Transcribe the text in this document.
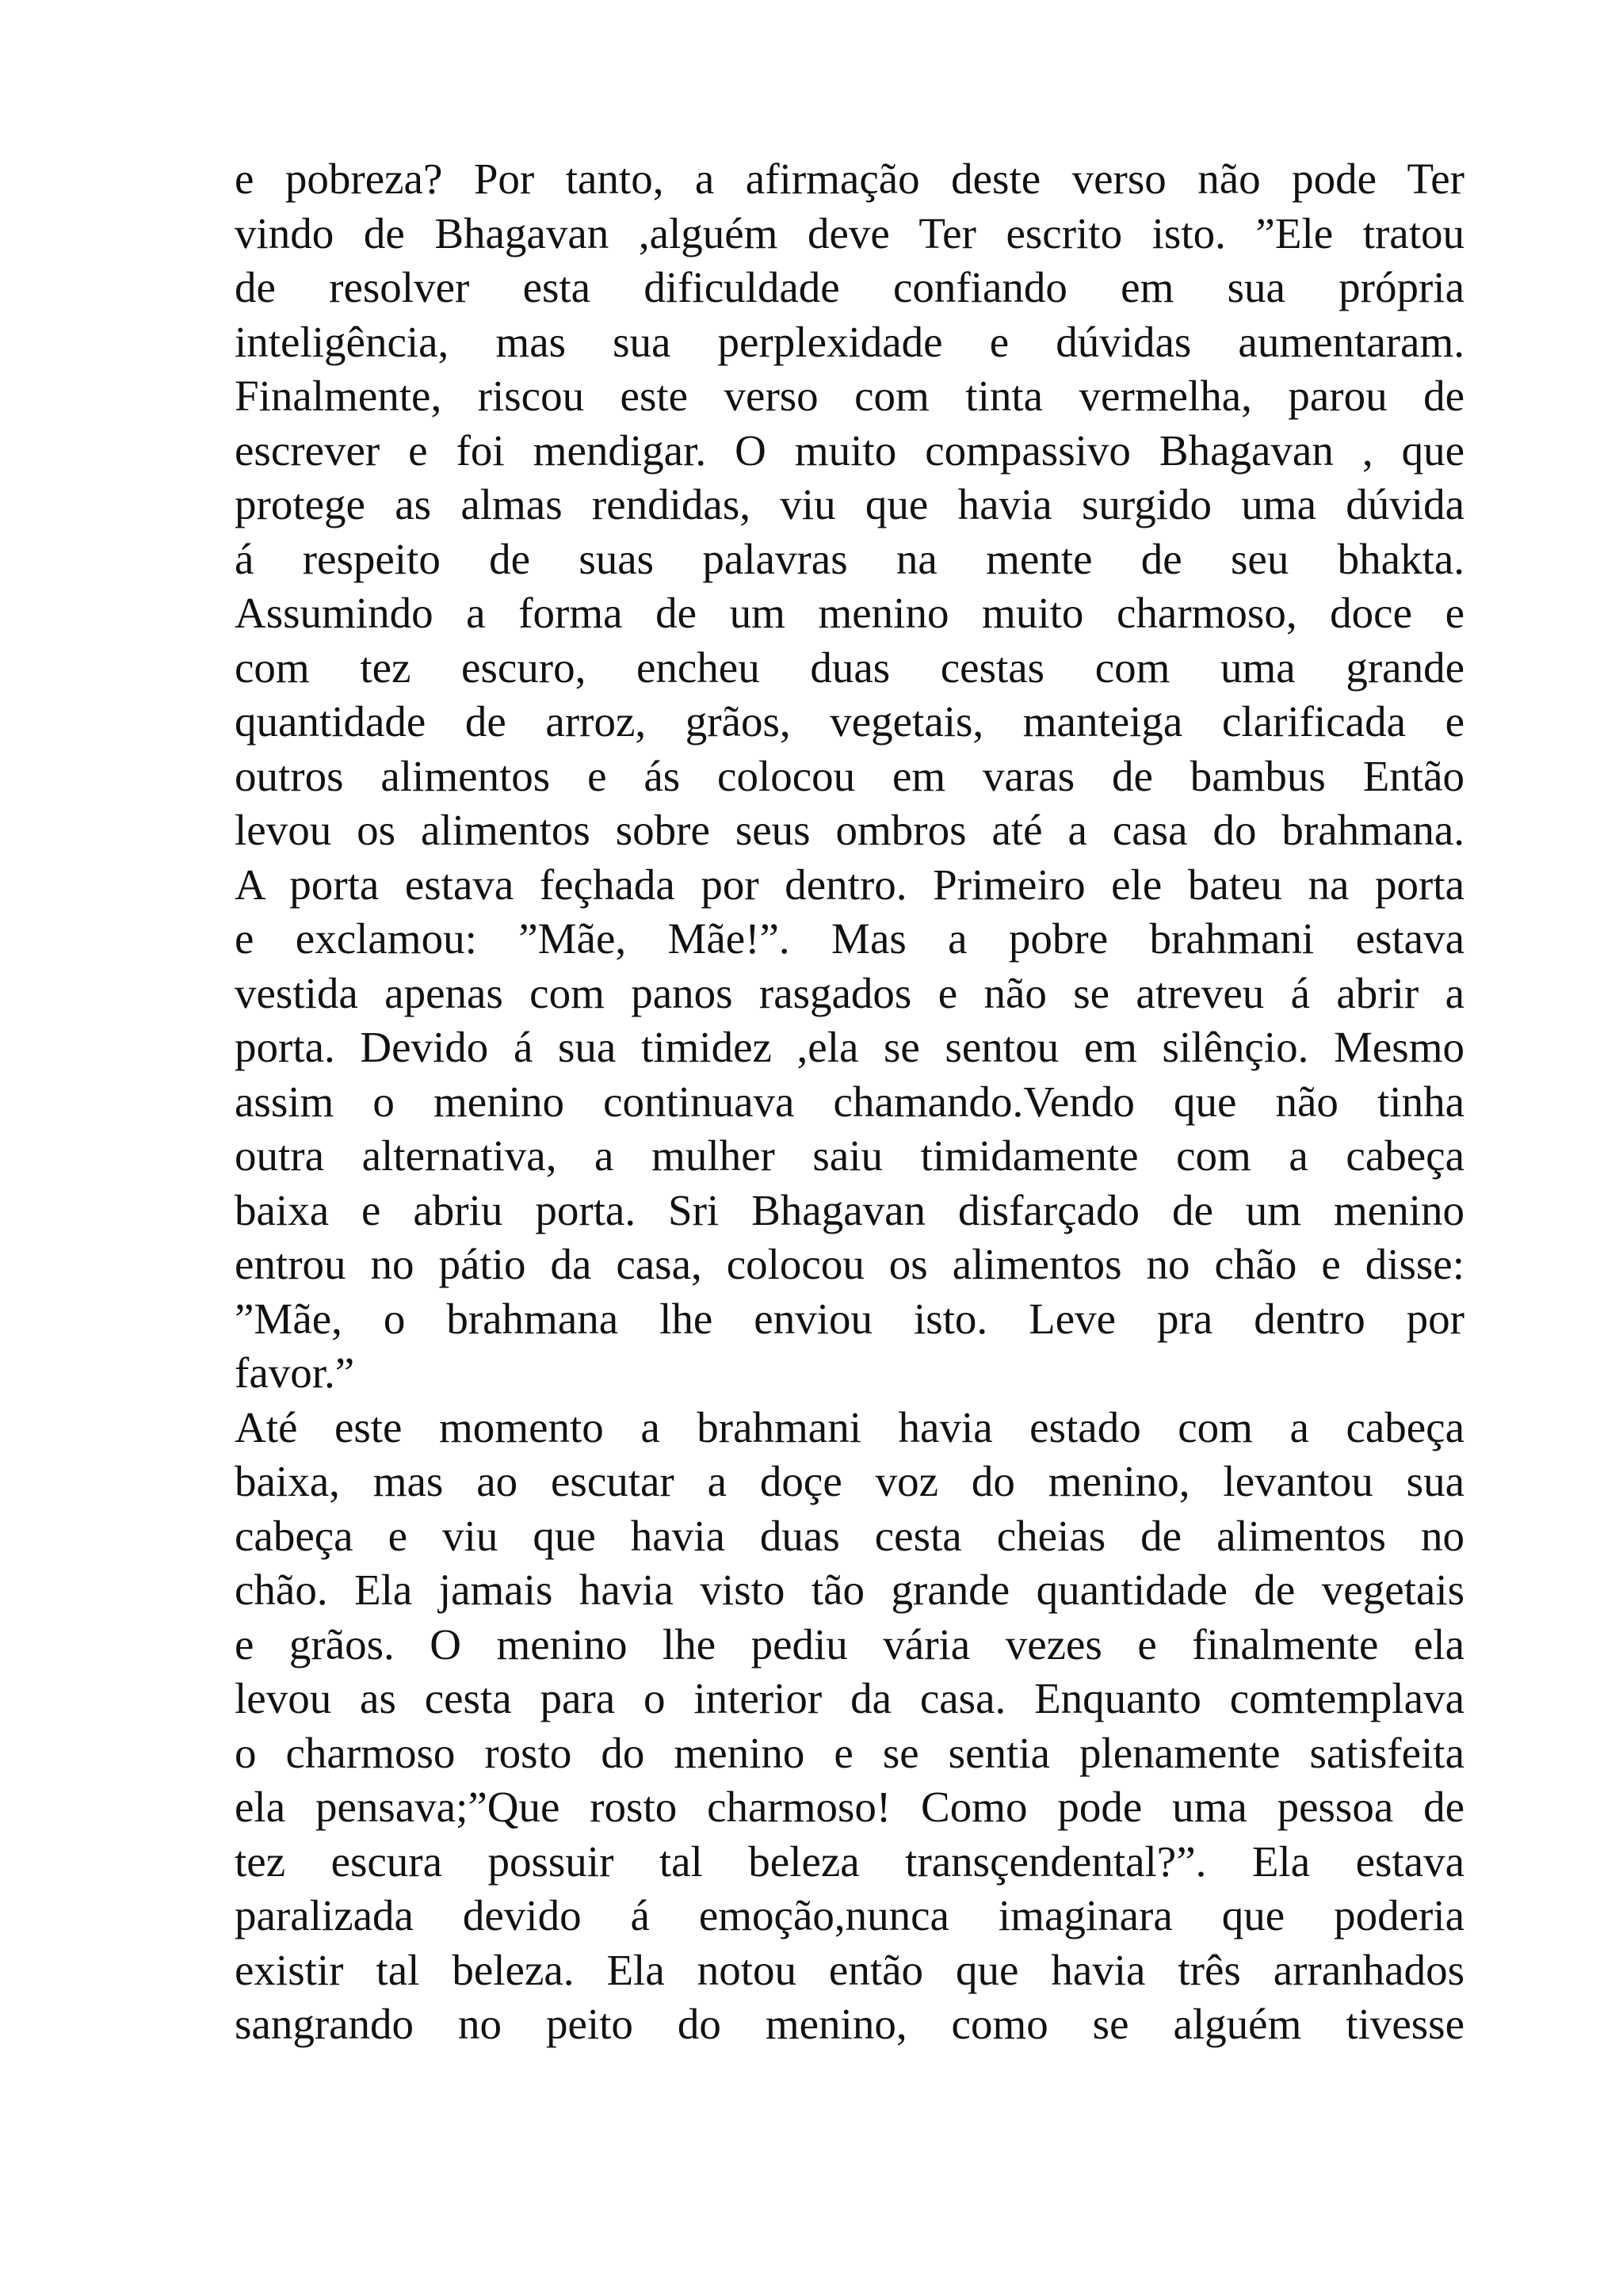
e pobreza? Por tanto, a afirmação deste verso não pode Ter
vindo de Bhagavan ,alguém deve Ter escrito isto. ”Ele tratou
de resolver esta dificuldade confiando em sua própria
inteligência, mas sua perplexidade e dúvidas aumentaram.
Finalmente, riscou este verso com tinta vermelha, parou de
escrever e foi mendigar. O muito compassivo Bhagavan , que
protege as almas rendidas, viu que havia surgido uma dúvida
á respeito de suas palavras na mente de seu bhakta.
Assumindo a forma de um menino muito charmoso, doce e
com tez escuro, encheu duas cestas com uma grande
quantidade de arroz, grãos, vegetais, manteiga clarificada e
outros alimentos e ás colocou em varas de bambus Então
levou os alimentos sobre seus ombros até a casa do brahmana.
A porta estava feçhada por dentro. Primeiro ele bateu na porta
e exclamou: ”Mãe, Mãe!”. Mas a pobre brahmani estava
vestida apenas com panos rasgados e não se atreveu á abrir a
porta. Devido á sua timidez ,ela se sentou em silênçio. Mesmo
assim o menino continuava chamando.Vendo que não tinha
outra alternativa, a mulher saiu timidamente com a cabeça
baixa e abriu porta. Sri Bhagavan disfarçado de um menino
entrou no pátio da casa, colocou os alimentos no chão e disse:
”Mãe, o brahmana lhe enviou isto. Leve pra dentro por
favor.”
Até este momento a brahmani havia estado com a cabeça
baixa, mas ao escutar a doçe voz do menino, levantou sua
cabeça e viu que havia duas cesta cheias de alimentos no
chão. Ela jamais havia visto tão grande quantidade de vegetais
e grãos. O menino lhe pediu vária vezes e finalmente ela
levou as cesta para o interior da casa. Enquanto comtemplava
o charmoso rosto do menino e se sentia plenamente satisfeita
ela pensava;”Que rosto charmoso! Como pode uma pessoa de
tez escura possuir tal beleza transçendental?”. Ela estava
paralizada devido á emoção,nunca imaginara que poderia
existir tal beleza. Ela notou então que havia três arranhados
sangrando no peito do menino, como se alguém tivesse
